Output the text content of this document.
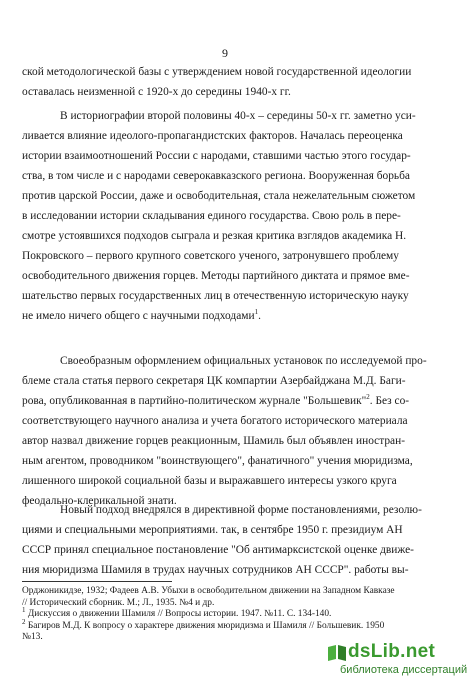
9
ской методологической базы с утверждением новой государственной идеологии
оставалась неизменной с 1920-х до середины 1940-х гг.
В историографии второй половины 40-х – середины 50-х гг. заметно уси-
ливается влияние идеолого-пропагандистских факторов. Началась переоценка
истории взаимоотношений России с народами, ставшими частью этого государ-
ства, в том числе и с народами северокавказского региона. Вооруженная борьба
против царской России, даже и освободительная, стала нежелательным сюжетом
в исследовании истории складывания единого государства. Свою роль в пере-
смотре устоявшихся подходов сыграла и резкая критика взглядов академика Н.
Покровского – первого крупного советского ученого, затронувшего проблему
освободительного движения горцев. Методы партийного диктата и прямое вме-
шательство первых государственных лиц в отечественную историческую науку
не имело ничего общего с научными подходами$^1$.
Своеобразным оформлением официальных установок по исследуемой про-
блеме стала статья первого секретаря ЦК компартии Азербайджана М.Д. Баги-
рова, опубликованная в партийно-политическом журнале "Большевик"$^2$. Без со-
соответствующего научного анализа и учета богатого исторического материала
автор назвал движение горцев реакционным, Шамиль был объявлен иностран-
ным агентом, проводником "воинствующего", фанатичного" учения мюридизма,
лишенного широкой социальной базы и выражавшего интересы узкого круга
феодально-клерикальной знати.
Новый подход внедрялся в директивной форме постановлениями, резолю-
циями и специальными мероприятиями. так, в сентябре 1950 г. президиум АН
СССР принял специальное постановление "Об антимарксистской оценке движе-
ния мюридизма Шамиля в трудах научных сотрудников АН СССР". работы вы-
Орджоникидзе, 1932; Фадеев А.В. Убыхи в освободительном движении на Западном Кавказе
// Исторический сборник. М.; Л., 1935. №4 и др.
$^1$ Дискуссия о движении Шамиля // Вопросы истории. 1947. №11. С. 134-140.
$^2$ Багиров М.Д. К вопросу о характере движения мюридизма и Шамиля // Большевик. 1950
№13.
dsLib.net
библиотека диссертаций
